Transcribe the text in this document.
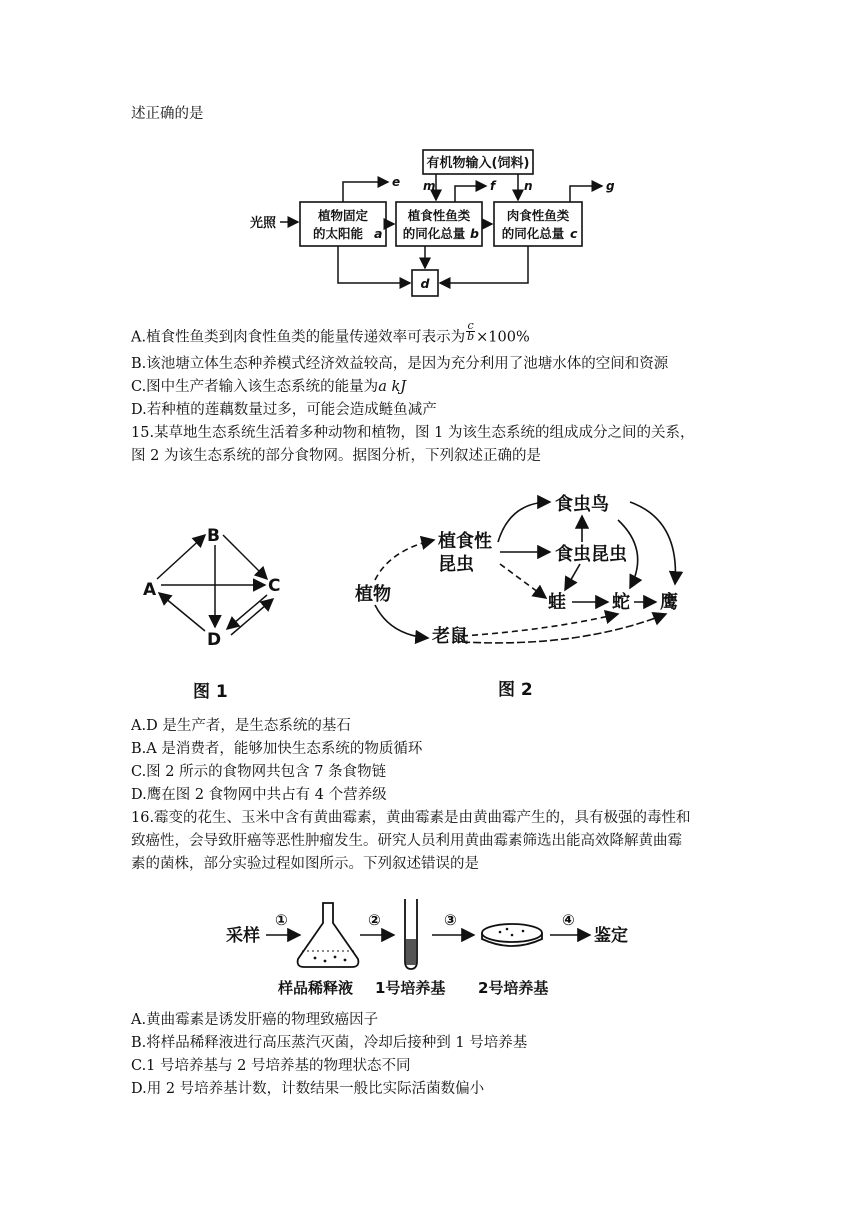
述正确的是
有机物输入(饲料)
光照
植物固定
的太阳能 a
植食性鱼类
的同化总量 b
肉食性鱼类
的同化总量 c
e m	f n	g
d
A.植食性鱼类到肉食性鱼类的能量传递效率可表示为 $\frac{c}{b} \times 100\%$
B.该池塘立体生态种养模式经济效益较高，是因为充分利用了池塘水体的空间和资源
C.图中生产者输入该生态系统的能量为a kJ
D.若种植的莲藕数量过多，可能会造成鲢鱼减产
15.某草地生态系统生活着多种动物和植物，图 1 为该生态系统的组成成分之间的关系，
图 2 为该生态系统的部分食物网。据图分析，下列叙述正确的是
B
A	C
D
图 1
植物
植食性
昆虫
食虫鸟
食虫昆虫
蛙	蛇 鹰
老鼠
图 2
A.D 是生产者，是生态系统的基石
B.A 是消费者，能够加快生态系统的物质循环
C.图 2 所示的食物网共包含 7 条食物链
D.鹰在图 2 食物网中共占有 4 个营养级
16.霉变的花生、玉米中含有黄曲霉素，黄曲霉素是由黄曲霉产生的，具有极强的毒性和
致癌性，会导致肝癌等恶性肿瘤发生。研究人员利用黄曲霉素筛选出能高效降解黄曲霉
素的菌株，部分实验过程如图所示。下列叙述错误的是
采样
①	②	③	④
鉴定
样品稀释液 1号培养基 2号培养基
A.黄曲霉素是诱发肝癌的物理致癌因子
B.将样品稀释液进行高压蒸汽灭菌，冷却后接种到 1 号培养基
C.1 号培养基与 2 号培养基的物理状态不同
D.用 2 号培养基计数，计数结果一般比实际活菌数偏小
